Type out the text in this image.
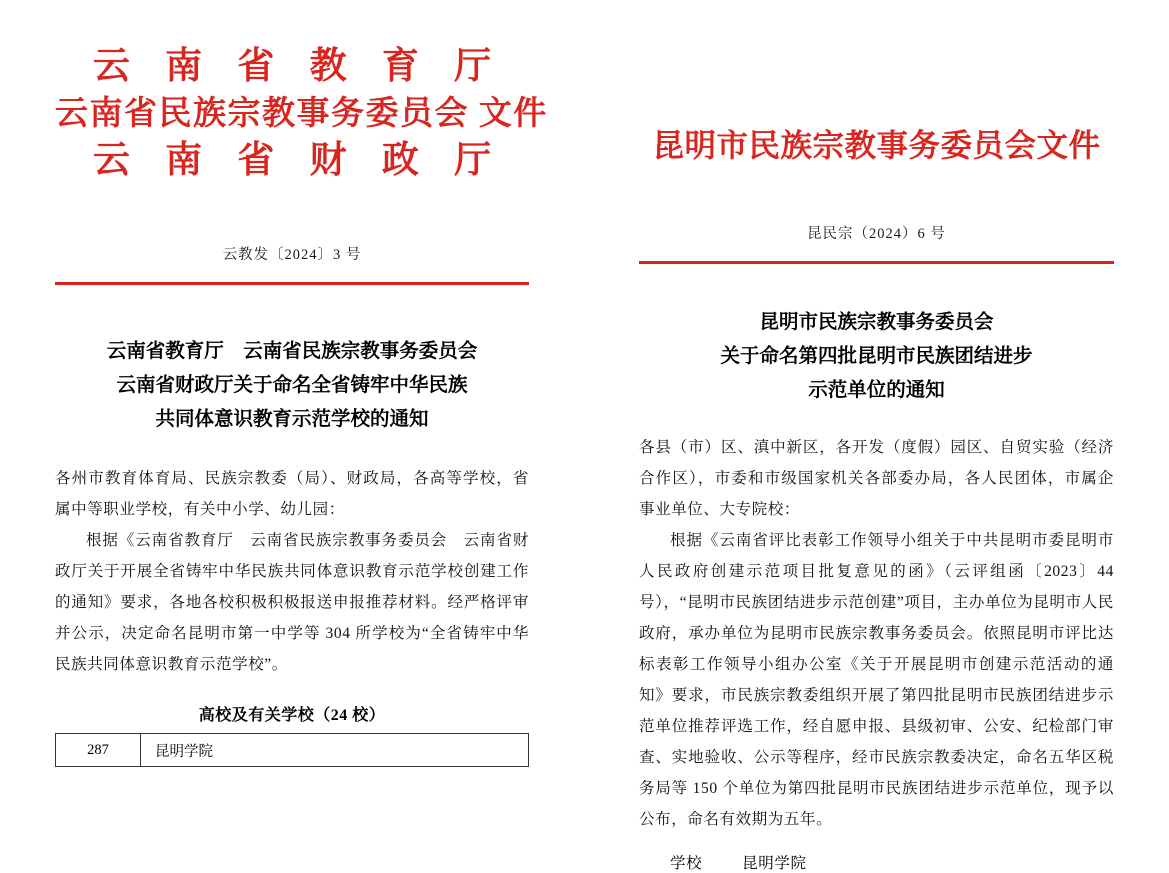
云 南 省 教 育 厅
云南省民族宗教事务委员会 文件
云 南 省 财 政 厅
云教发〔2024〕3 号
云南省教育厅　云南省民族宗教事务委员会
云南省财政厅关于命名全省铸牢中华民族
共同体意识教育示范学校的通知

各州市教育体育局、民族宗教委（局）、财政局，各高等学校，省属中等职业学校，有关中小学、幼儿园：

根据《云南省教育厅　云南省民族宗教事务委员会　云南省财政厅关于开展全省铸牢中华民族共同体意识教育示范学校创建工作的通知》要求，各地各校积极积极报送申报推荐材料。经严格评审并公示，决定命名昆明市第一中学等 304 所学校为“全省铸牢中华民族共同体意识教育示范学校”。

高校及有关学校（24 校）
287	昆明学院
昆明市民族宗教事务委员会文件
昆民宗（2024）6 号
昆明市民族宗教事务委员会
关于命名第四批昆明市民族团结进步
示范单位的通知

各县（市）区、滇中新区，各开发（度假）园区、自贸实验（经济合作区），市委和市级国家机关各部委办局，各人民团体，市属企事业单位、大专院校：

根据《云南省评比表彰工作领导小组关于中共昆明市委昆明市人民政府创建示范项目批复意见的函》（云评组函〔2023〕44 号），“昆明市民族团结进步示范创建”项目，主办单位为昆明市人民政府，承办单位为昆明市民族宗教事务委员会。依照昆明市评比达标表彰工作领导小组办公室《关于开展昆明市创建示范活动的通知》要求，市民族宗教委组织开展了第四批昆明市民族团结进步示范单位推荐评选工作，经自愿申报、县级初审、公安、纪检部门审查、实地验收、公示等程序，经市民族宗教委决定，命名五华区税务局等 150 个单位为第四批昆明市民族团结进步示范单位，现予以公布，命名有效期为五年。

学校	昆明学院
